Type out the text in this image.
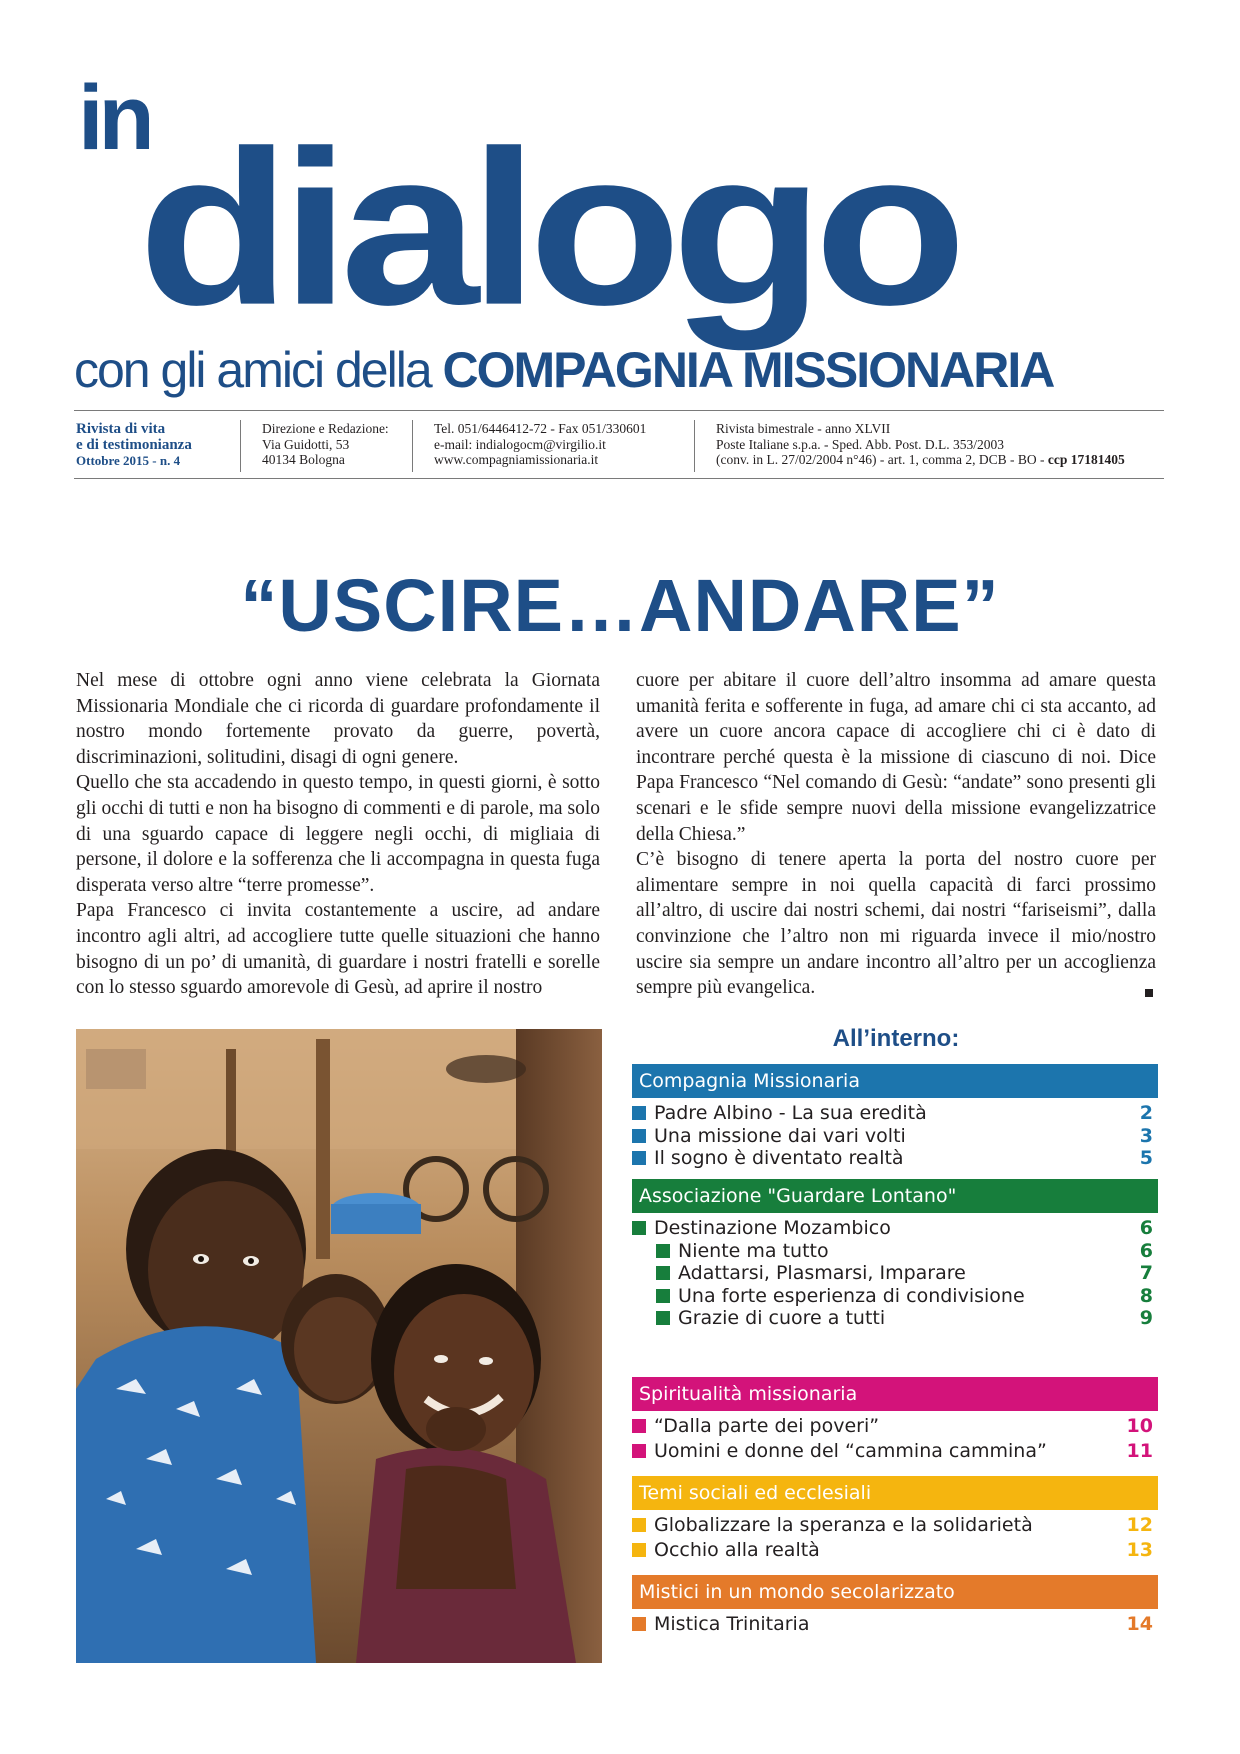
in
dialogo
con gli amici della COMPAGNIA MISSIONARIA
Rivista di vita
e di testimonianza
Ottobre 2015 - n. 4
Direzione e Redazione:
Via Guidotti, 53
40134 Bologna
Tel. 051/6446412-72 - Fax 051/330601
e-mail: indialogocm@virgilio.it
www.compagniamissionaria.it
Rivista bimestrale - anno XLVII
Poste Italiane s.p.a. - Sped. Abb. Post. D.L. 353/2003
(conv. in L. 27/02/2004 n°46) - art. 1, comma 2, DCB - BO - ccp 17181405
“USCIRE…ANDARE”

Nel mese di ottobre ogni anno viene celebrata la Giornata Missionaria Mondiale che ci ricorda di guardare profondamente il nostro mondo fortemente provato da guerre, povertà, discriminazioni, solitudini, disagi di ogni genere.

Quello che sta accadendo in questo tempo, in questi giorni, è sotto gli occhi di tutti e non ha bisogno di commenti e di parole, ma solo di una sguardo capace di leggere negli occhi, di migliaia di persone, il dolore e la sofferenza che li accompagna in questa fuga disperata verso altre “terre promesse”.

Papa Francesco ci invita costantemente a uscire, ad andare incontro agli altri, ad accogliere tutte quelle situazioni che hanno bisogno di un po’ di umanità, di guardare i nostri fratelli e sorelle con lo stesso sguardo amorevole di Gesù, ad aprire il nostro

cuore per abitare il cuore dell’altro insomma ad amare questa umanità ferita e sofferente in fuga, ad amare chi ci sta accanto, ad avere un cuore ancora capace di accogliere chi ci è dato di incontrare perché questa è la missione di ciascuno di noi. Dice Papa Francesco “Nel comando di Gesù: “andate” sono presenti gli scenari e le sfide sempre nuovi della missione evangelizzatrice della Chiesa.”

C’è bisogno di tenere aperta la porta del nostro cuore per alimentare sempre in noi quella capacità di farci prossimo all’altro, di uscire dai nostri schemi, dai nostri “fariseismi”, dalla convinzione che l’altro non mi riguarda invece il mio/nostro uscire sia sempre un andare incontro all’altro per un accoglienza sempre più evangelica.

All’interno:
Compagnia Missionaria
Padre Albino - La sua eredità	2
Una missione dai vari volti	3
Il sogno è diventato realtà	5
Associazione "Guardare Lontano"
Destinazione Mozambico	6
Niente ma tutto	6
Adattarsi, Plasmarsi, Imparare	7
Una forte esperienza di condivisione	8
Grazie di cuore a tutti	9
Spiritualità missionaria
“Dalla parte dei poveri”	10
Uomini e donne del “cammina cammina”	11
Temi sociali ed ecclesiali
Globalizzare la speranza e la solidarietà	12
Occhio alla realtà	13
Mistici in un mondo secolarizzato
Mistica Trinitaria	14
